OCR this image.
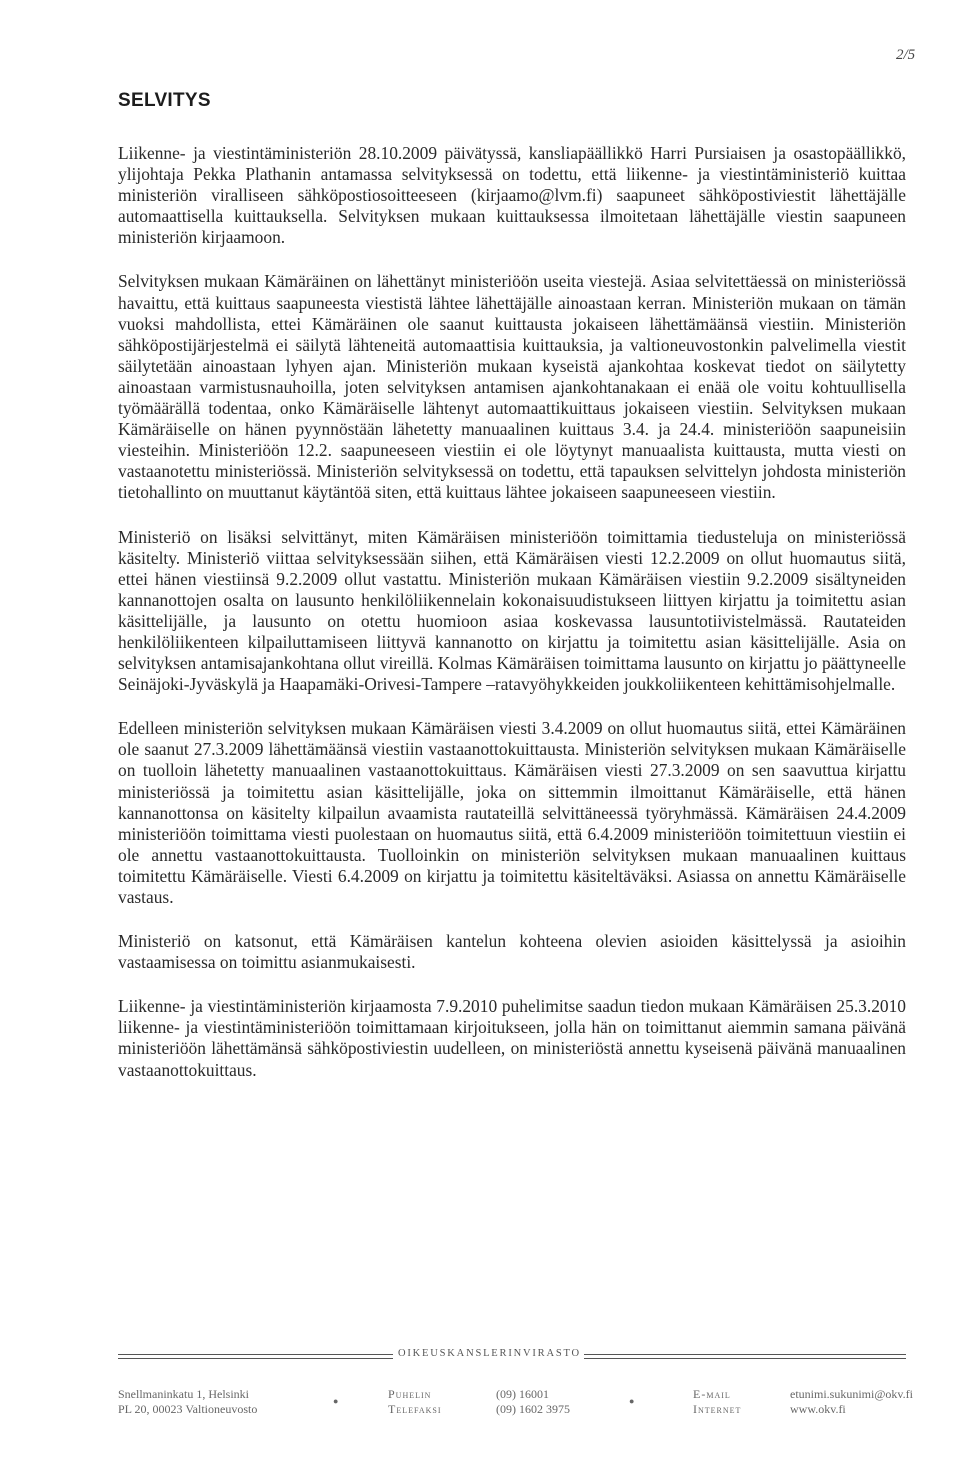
2/5
SELVITYS

Liikenne- ja viestintäministeriön 28.10.2009 päivätyssä, kansliapäällikkö Harri Pursiaisen ja osastopäällikkö, ylijohtaja Pekka Plathanin antamassa selvityksessä on todettu, että liikenne- ja viestintäministeriö kuittaa ministeriön viralliseen sähköpostiosoitteeseen (kirjaamo@lvm.fi) saapuneet sähköpostiviestit lähettäjälle automaattisella kuittauksella. Selvityksen mukaan kuittauksessa ilmoitetaan lähettäjälle viestin saapuneen ministeriön kirjaamoon.

Selvityksen mukaan Kämäräinen on lähettänyt ministeriöön useita viestejä. Asiaa selvitettäessä on ministeriössä havaittu, että kuittaus saapuneesta viestistä lähtee lähettäjälle ainoastaan kerran. Ministeriön mukaan on tämän vuoksi mahdollista, ettei Kämäräinen ole saanut kuittausta jokaiseen lähettämäänsä viestiin. Ministeriön sähköpostijärjestelmä ei säilytä lähteneitä automaattisia kuittauksia, ja valtioneuvostonkin palvelimella viestit säilytetään ainoastaan lyhyen ajan. Ministeriön mukaan kyseistä ajankohtaa koskevat tiedot on säilytetty ainoastaan varmistusnauhoilla, joten selvityksen antamisen ajankohtanakaan ei enää ole voitu kohtuullisella työmäärällä todentaa, onko Kämäräiselle lähtenyt automaattikuittaus jokaiseen viestiin. Selvityksen mukaan Kämäräiselle on hänen pyynnöstään lähetetty manuaalinen kuittaus 3.4. ja 24.4. ministeriöön saapuneisiin viesteihin. Ministeriöön 12.2. saapuneeseen viestiin ei ole löytynyt manuaalista kuittausta, mutta viesti on vastaanotettu ministeriössä. Ministeriön selvityksessä on todettu, että tapauksen selvittelyn johdosta ministeriön tietohallinto on muuttanut käytäntöä siten, että kuittaus lähtee jokaiseen saapuneeseen viestiin.

Ministeriö on lisäksi selvittänyt, miten Kämäräisen ministeriöön toimittamia tiedusteluja on ministeriössä käsitelty. Ministeriö viittaa selvityksessään siihen, että Kämäräisen viesti 12.2.2009 on ollut huomautus siitä, ettei hänen viestiinsä 9.2.2009 ollut vastattu. Ministeriön mukaan Kämäräisen viestiin 9.2.2009 sisältyneiden kannanottojen osalta on lausunto henkilöliikennelain kokonaisuudistukseen liittyen kirjattu ja toimitettu asian käsittelijälle, ja lausunto on otettu huomioon asiaa koskevassa lausuntotiivistelmässä. Rautateiden henkilöliikenteen kilpailuttamiseen liittyvä kannanotto on kirjattu ja toimitettu asian käsittelijälle. Asia on selvityksen antamisajankohtana ollut vireillä. Kolmas Kämäräisen toimittama lausunto on kirjattu jo päättyneelle Seinäjoki-Jyväskylä ja Haapamäki-Orivesi-Tampere –ratavyöhykkeiden joukkoliikenteen kehittämisohjelmalle.

Edelleen ministeriön selvityksen mukaan Kämäräisen viesti 3.4.2009 on ollut huomautus siitä, ettei Kämäräinen ole saanut 27.3.2009 lähettämäänsä viestiin vastaanottokuittausta. Ministeriön selvityksen mukaan Kämäräiselle on tuolloin lähetetty manuaalinen vastaanottokuittaus. Kämäräisen viesti 27.3.2009 on sen saavuttua kirjattu ministeriössä ja toimitettu asian käsittelijälle, joka on sittemmin ilmoittanut Kämäräiselle, että hänen kannanottonsa on käsitelty kilpailun avaamista rautateillä selvittäneessä työryhmässä. Kämäräisen 24.4.2009 ministeriöön toimittama viesti puolestaan on huomautus siitä, että 6.4.2009 ministeriöön toimitettuun viestiin ei ole annettu vastaanottokuittausta. Tuolloinkin on ministeriön selvityksen mukaan manuaalinen kuittaus toimitettu Kämäräiselle. Viesti 6.4.2009 on kirjattu ja toimitettu käsiteltäväksi. Asiassa on annettu Kämäräiselle vastaus.

Ministeriö on katsonut, että Kämäräisen kantelun kohteena olevien asioiden käsittelyssä ja asioihin vastaamisessa on toimittu asianmukaisesti.

Liikenne- ja viestintäministeriön kirjaamosta 7.9.2010 puhelimitse saadun tiedon mukaan Kämäräisen 25.3.2010 liikenne- ja viestintäministeriöön toimittamaan kirjoitukseen, jolla hän on toimittanut aiemmin samana päivänä ministeriöön lähettämänsä sähköpostiviestin uudelleen, on ministeriöstä annettu kyseisenä päivänä manuaalinen vastaanottokuittaus.

OIKEUSKANSLERINVIRASTO
Snellmaninkatu 1, Helsinki
PL 20, 00023 Valtioneuvosto
●	Puhelin
Telefaksi
(09) 16001
(09) 1602 3975
●	E-mail
Internet
etunimi.sukunimi@okv.fi
www.okv.fi
